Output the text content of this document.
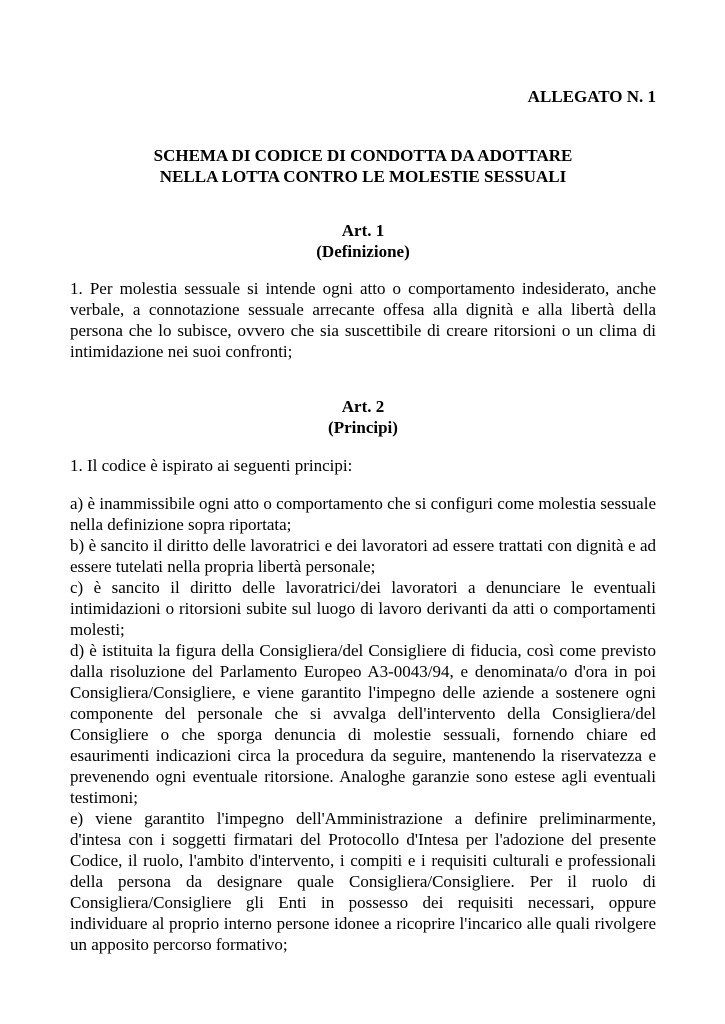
ALLEGATO N. 1
SCHEMA DI CODICE DI CONDOTTA DA ADOTTARE
NELLA LOTTA CONTRO LE MOLESTIE SESSUALI
Art. 1
(Definizione)

1. Per molestia sessuale si intende ogni atto o comportamento indesiderato, anche verbale, a connotazione sessuale arrecante offesa alla dignità e alla libertà della persona che lo subisce, ovvero che sia suscettibile di creare ritorsioni o un clima di intimidazione nei suoi confronti;

Art. 2
(Principi)

1. Il codice è ispirato ai seguenti principi:

a) è inammissibile ogni atto o comportamento che si configuri come molestia sessuale nella definizione sopra riportata;
b) è sancito il diritto delle lavoratrici e dei lavoratori ad essere trattati con dignità e ad essere tutelati nella propria libertà personale;
c) è sancito il diritto delle lavoratrici/dei lavoratori a denunciare le eventuali intimidazioni o ritorsioni subite sul luogo di lavoro derivanti da atti o comportamenti molesti;
d) è istituita la figura della Consigliera/del Consigliere di fiducia, così come previsto dalla risoluzione del Parlamento Europeo A3-0043/94, e denominata/o d'ora in poi Consigliera/Consigliere, e viene garantito l'impegno delle aziende a sostenere ogni componente del personale che si avvalga dell'intervento della Consigliera/del Consigliere o che sporga denuncia di molestie sessuali, fornendo chiare ed esaurimenti indicazioni circa la procedura da seguire, mantenendo la riservatezza e prevenendo ogni eventuale ritorsione. Analoghe garanzie sono estese agli eventuali testimoni;
e) viene garantito l'impegno dell'Amministrazione a definire preliminarmente, d'intesa con i soggetti firmatari del Protocollo d'Intesa per l'adozione del presente Codice, il ruolo, l'ambito d'intervento, i compiti e i requisiti culturali e professionali della persona da designare quale Consigliera/Consigliere. Per il ruolo di Consigliera/Consigliere gli Enti in possesso dei requisiti necessari, oppure individuare al proprio interno persone idonee a ricoprire l'incarico alle quali rivolgere un apposito percorso formativo;
